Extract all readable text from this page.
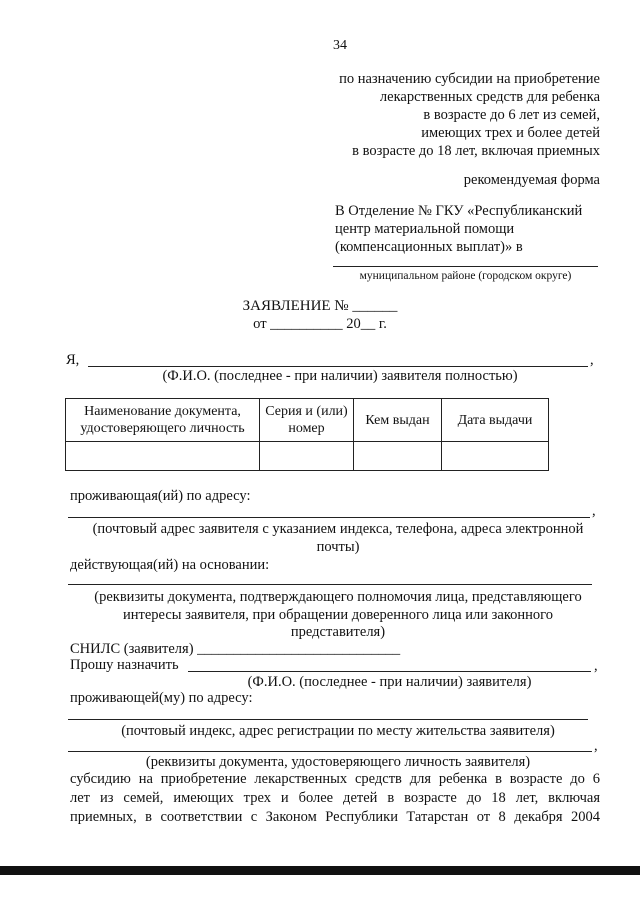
34
по назначению субсидии на приобретение
лекарственных средств для ребенка
в возрасте до 6 лет из семей,
имеющих трех и более детей
в возрасте до 18 лет, включая приемных
рекомендуемая форма
В Отделение № ГКУ «Республиканский
центр материальной помощи
(компенсационных выплат)» в
муниципальном районе (городском округе)
ЗАЯВЛЕНИЕ № ______
от __________ 20__ г.
Я,	,
(Ф.И.О. (последнее - при наличии) заявителя полностью)
Наименование документа, удостоверяющего личность	Серия и (или) номер	Кем выдан	Дата выдачи

проживающая(ий) по адресу:
,
(почтовый адрес заявителя с указанием индекса, телефона, адреса электронной
почты)
действующая(ий) на основании:
(реквизиты документа, подтверждающего полномочия лица, представляющего
интересы заявителя, при обращении доверенного лица или законного
представителя)
СНИЛС (заявителя) ____________________________
Прошу назначить	,
(Ф.И.О. (последнее - при наличии) заявителя)
проживающей(му) по адресу:
(почтовый индекс, адрес регистрации по месту жительства заявителя)
,
(реквизиты документа, удостоверяющего личность заявителя)
субсидию на приобретение лекарственных средств для ребенка в возрасте до 6
лет из семей, имеющих трех и более детей в возрасте до 18 лет, включая
приемных, в соответствии с Законом Республики Татарстан от 8 декабря 2004
